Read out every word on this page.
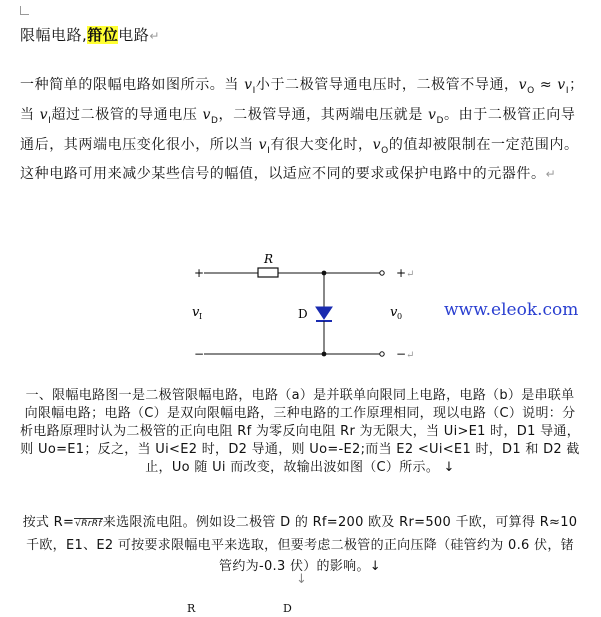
限幅电路,箝位电路↵
一种简单的限幅电路如图所示。当 $v_I$小于二极管导通电压时，二极管不导通，$v_O \approx v_I$；当 $v_I$超过二极管的导通电压 $v_D$，二极管导通，其两端电压就是 $v_D$。由于二极管正向导通后，其两端电压变化很小，所以当 $v_I$有很大变化时，$v_O$的值却被限制在一定范围内。这种电路可用来减少某些信号的幅值，以适应不同的要求或保护电路中的元器件。↵
R
D
+
−
+
−
↵
↵
v I	v 0 www.eleok.com
一、限幅电路图一是二极管限幅电路，电路（a）是并联单向限同上电路，电路（b）是串联单向限幅电路；电路（C）是双向限幅电路，三种电路的工作原理相同，现以电路（C）说明：分析电路原理时认为二极管的正向电阻 Rf 为零反向电阻 Rr 为无限大，当 Ui>E1 时，D1 导通，则 Uo=E1；反之，当 Ui<E2 时，D2 导通，则 Uo=-E2;而当 E2 <Ui<E1 时，D1 和 D2 截止，Uo 随 Ui 而改变，故输出波如图（C）所示。 ↓
按式 R=√RrRf来选限流电阻。例如设二极管 D 的 Rf=200 欧及 Rr=500 千欧，可算得 R≈10 千欧，E1、E2 可按要求限幅电平来选取，但要考虑二极管的正向压降（硅管约为 0.6 伏，锗管约为-0.3 伏）的影响。↓
↓
R	D
